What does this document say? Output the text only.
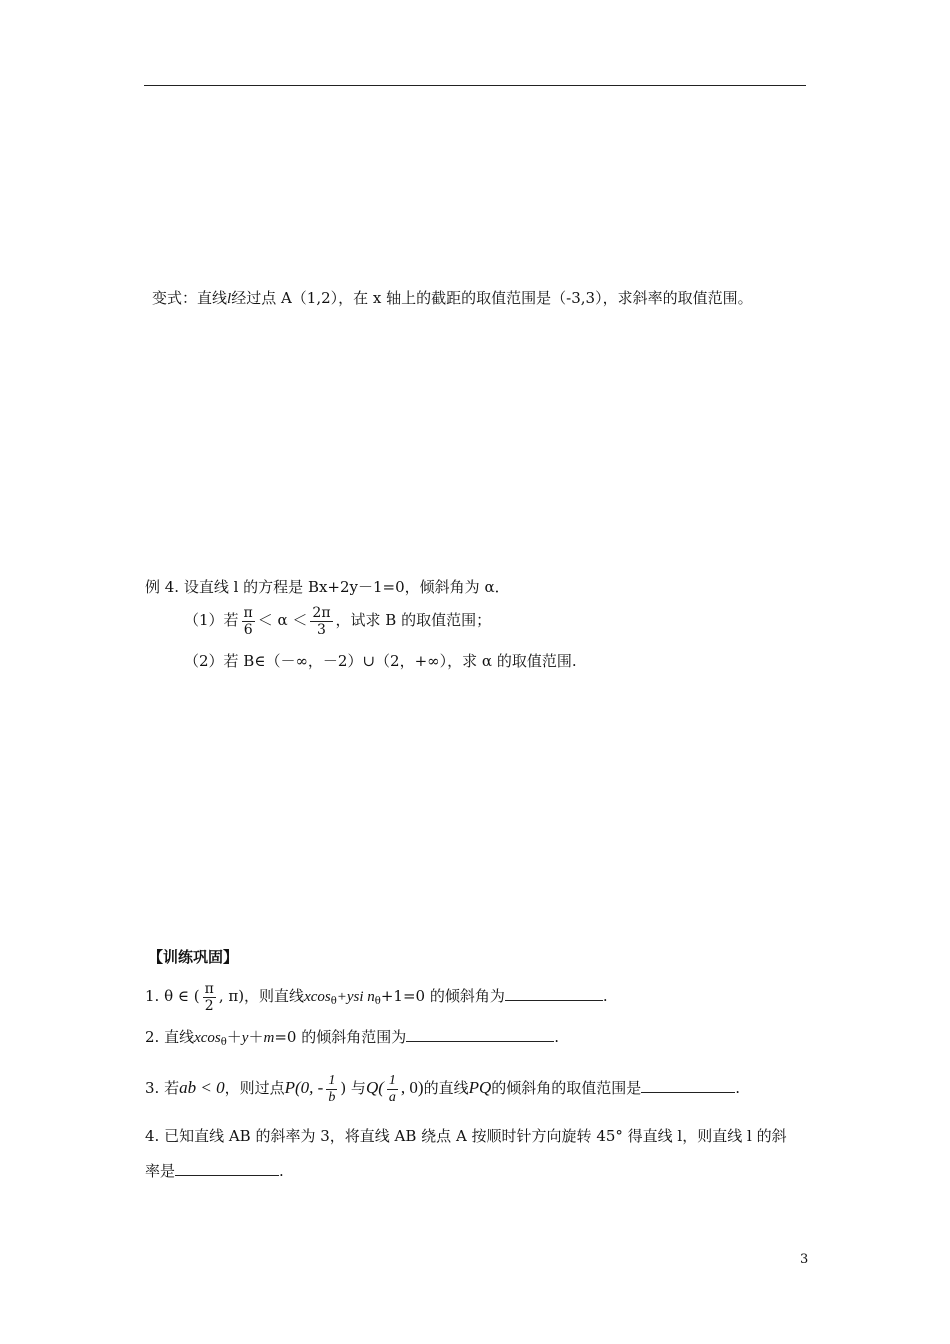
变式：直线l经过点 A（1,2），在 x 轴上的截距的取值范围是（-3,3），求斜率的取值范围。
例 4. 设直线 l 的方程是 Bx+2y－1=0，倾斜角为 α．
（1）若 $\frac{\pi}{6} < \alpha < \frac{2\pi}{3}$ ，试求 B 的取值范围；
（2）若 B∈（－∞，－2）∪（2，+∞），求 α 的取值范围.
【训练巩固】
1. θ ∈ ( $\frac{\pi}{2}$ , π)，则直线xcos$_\theta$+ysi $n_\theta+1=0$ 的倾斜角为	.
2. 直线xcos$_\theta$＋y＋m=0 的倾斜角范围为	.
3. 若ab < 0，则过点P(0, - $\frac{1}{b}$ ) 与$Q( \frac{1}{a}$ , 0)的直线PQ的倾斜角的取值范围是	.
4. 已知直线 AB 的斜率为 3，将直线 AB 绕点 A 按顺时针方向旋转 45° 得直线 l，则直线 l 的斜
率是	.
3
